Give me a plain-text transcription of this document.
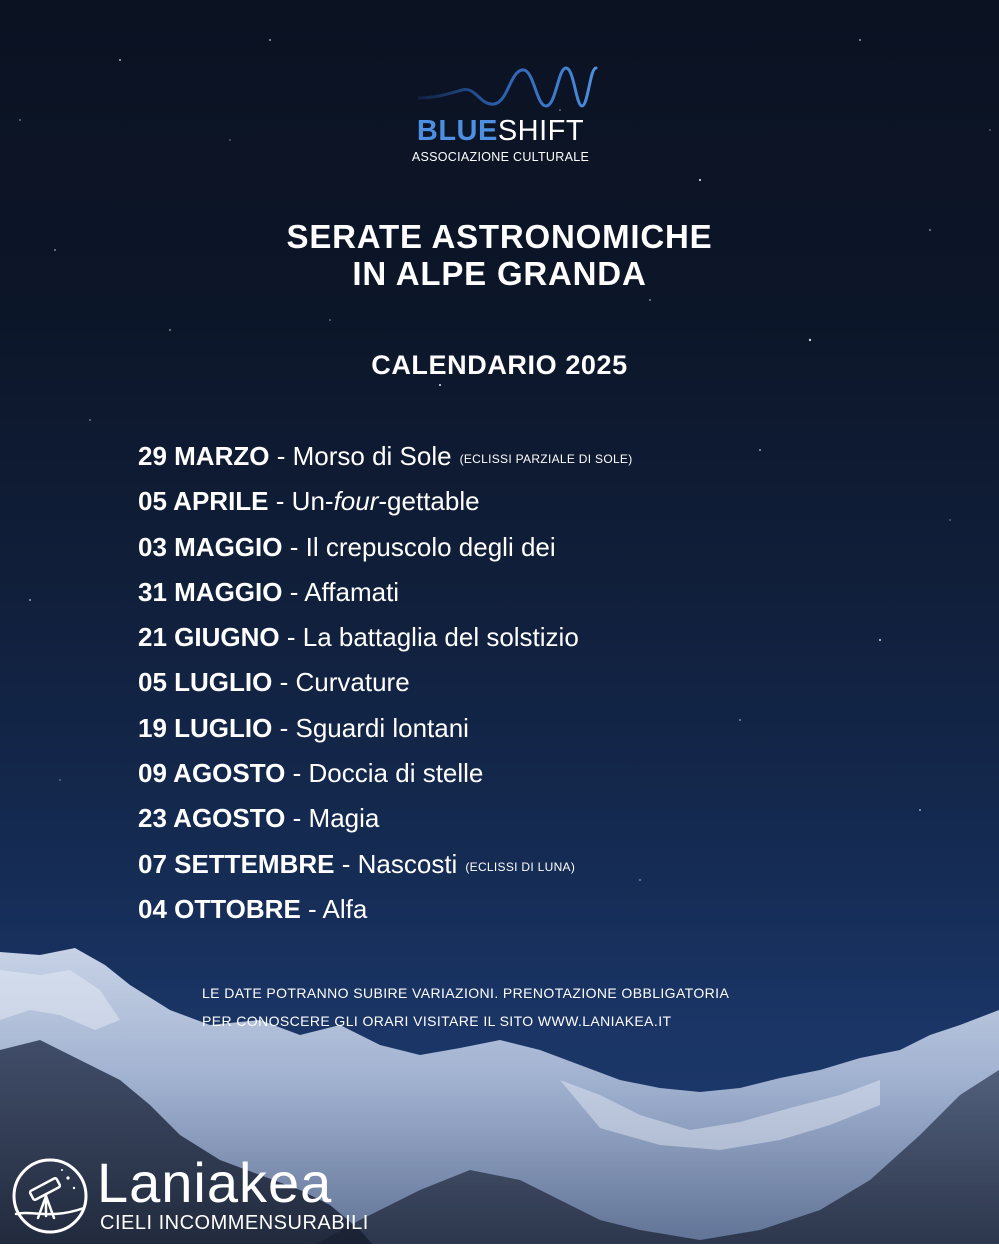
BLUESHIFT
ASSOCIAZIONE CULTURALE
SERATE ASTRONOMICHE
IN ALPE GRANDA
CALENDARIO 2025
29 MARZO - Morso di Sole (ECLISSI PARZIALE DI SOLE)
05 APRILE - Un-four-gettable
03 MAGGIO - Il crepuscolo degli dei
31 MAGGIO - Affamati
21 GIUGNO - La battaglia del solstizio
05 LUGLIO - Curvature
19 LUGLIO - Sguardi lontani
09 AGOSTO - Doccia di stelle
23 AGOSTO - Magia
07 SETTEMBRE - Nascosti (ECLISSI DI LUNA)
04 OTTOBRE - Alfa
LE DATE POTRANNO SUBIRE VARIAZIONI. PRENOTAZIONE OBBLIGATORIA
PER CONOSCERE GLI ORARI VISITARE IL SITO WWW.LANIAKEA.IT
Laniakea
CIELI INCOMMENSURABILI
